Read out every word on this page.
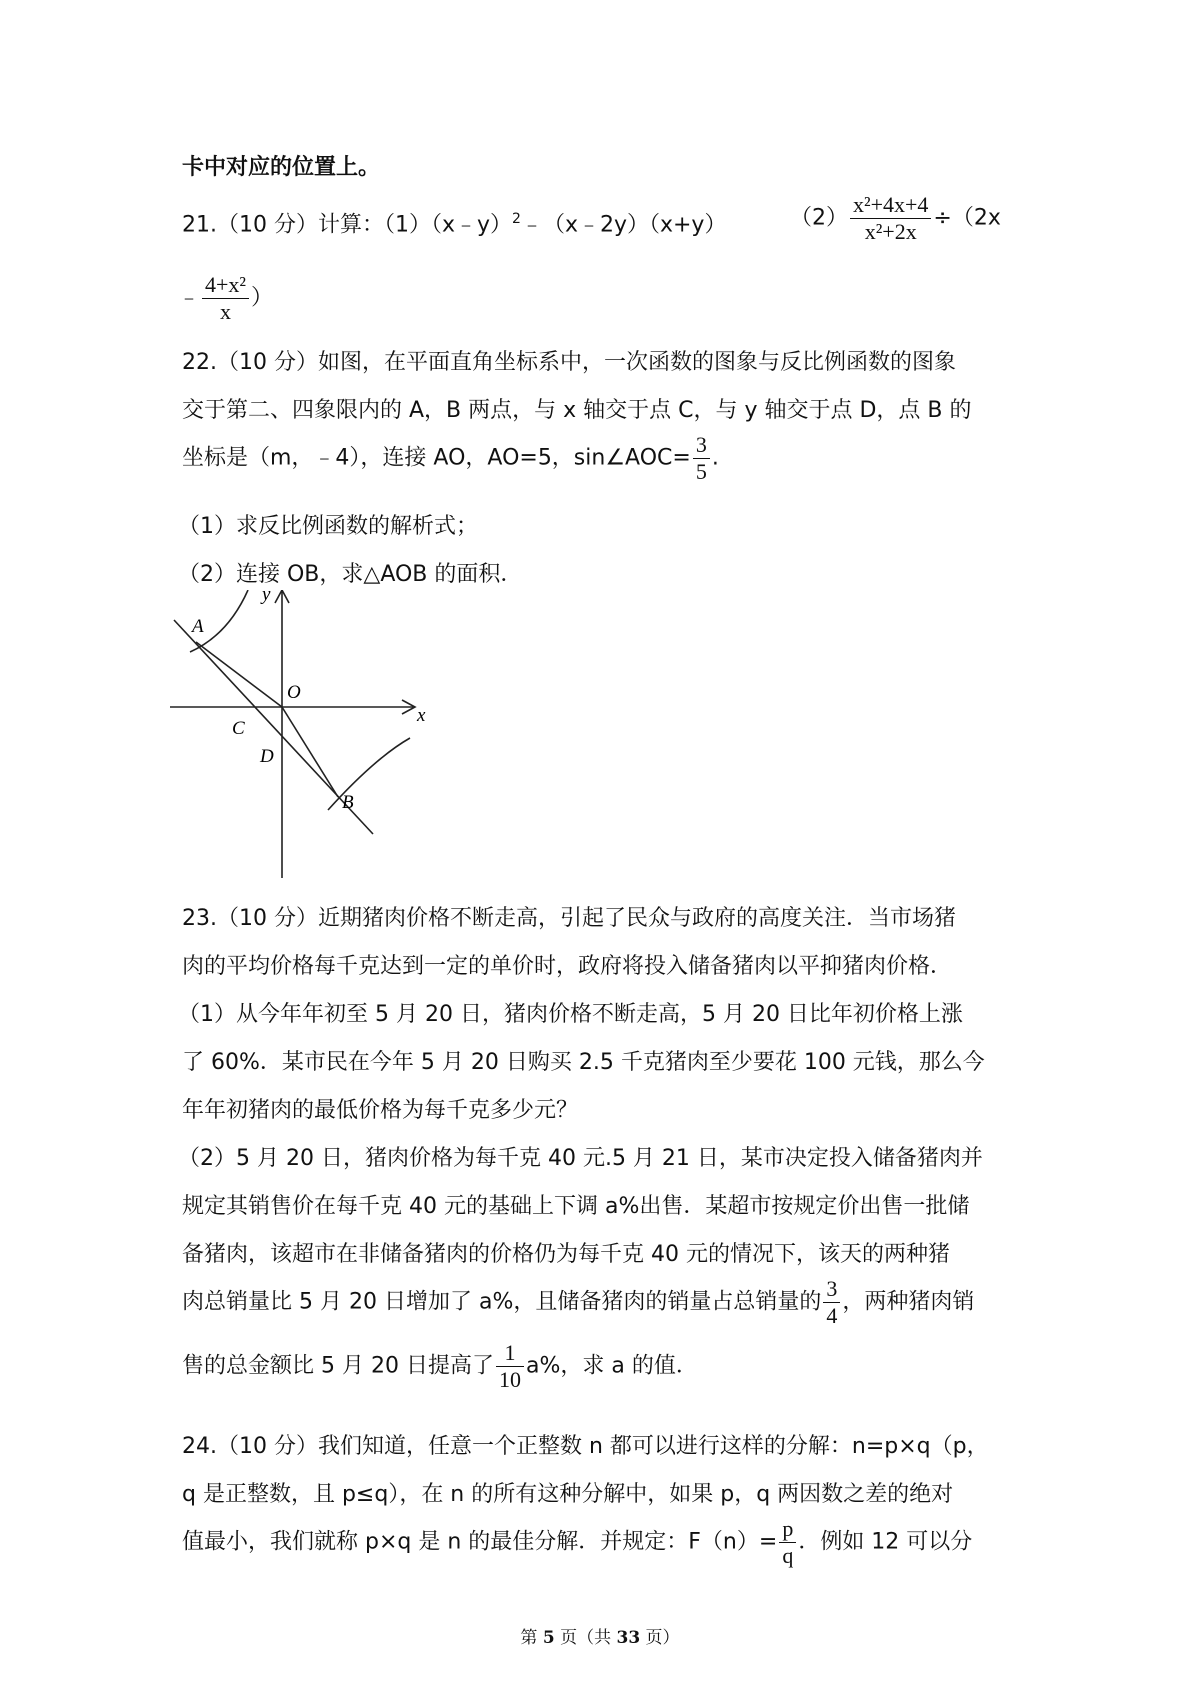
卡中对应的位置上。
21.（10 分）计算：（1）（x﹣y）$^2$﹣（x﹣2y）（x+y）	$(2) \frac{\text{x²+4x+4}}{\text{x²+2x}} \div(2x$
﹣ $\frac{\text{4+x²}}{x}$ ）
22.（10 分）如图，在平面直角坐标系中，一次函数的图象与反比例函数的图象
交于第二、四象限内的 A，B 两点，与 x 轴交于点 C，与 y 轴交于点 D，点 B 的
坐标是（m，﹣4），连接 AO，AO=5，sin∠AOC= $\frac{3}{5}$ .
（1）求反比例函数的解析式；
（2）连接 OB，求△AOB 的面积．
y
x
O
A
B
C
D
23.（10 分）近期猪肉价格不断走高，引起了民众与政府的高度关注．当市场猪
肉的平均价格每千克达到一定的单价时，政府将投入储备猪肉以平抑猪肉价格．
（1）从今年年初至 5 月 20 日，猪肉价格不断走高，5 月 20 日比年初价格上涨
了 60%．某市民在今年 5 月 20 日购买 2.5 千克猪肉至少要花 100 元钱，那么今
年年初猪肉的最低价格为每千克多少元？
（2）5 月 20 日，猪肉价格为每千克 40 元.5 月 21 日，某市决定投入储备猪肉并
规定其销售价在每千克 40 元的基础上下调 a%出售．某超市按规定价出售一批储
备猪肉，该超市在非储备猪肉的价格仍为每千克 40 元的情况下，该天的两种猪
肉总销量比 5 月 20 日增加了 a%，且储备猪肉的销量占总销量的 $\frac{3}{4}$ ，两种猪肉销
售的总金额比 5 月 20 日提高了 $\frac{1}{10} a\%$，求 a 的值．
24.（10 分）我们知道，任意一个正整数 n 都可以进行这样的分解：n=p×q（p，
q 是正整数，且 p≤q），在 n 的所有这种分解中，如果 p，q 两因数之差的绝对
值最小，我们就称 p×q 是 n 的最佳分解．并规定：$F(n)= \frac{p}{q}$ ．例如 12 可以分
第 5 页（共 33 页）
